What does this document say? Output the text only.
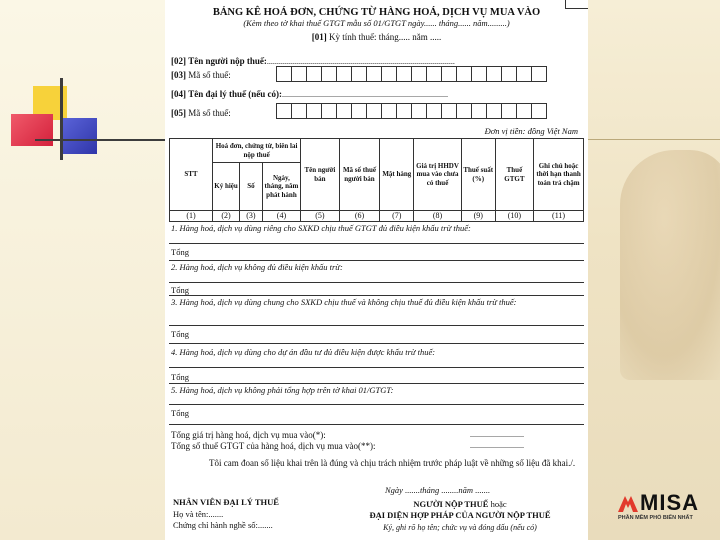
BẢNG KÊ HOÁ ĐƠN, CHỨNG TỪ HÀNG HOÁ, DỊCH VỤ MUA VÀO
(Kèm theo tờ khai thuế GTGT mẫu số 01/GTGT ngày...... tháng...... năm.........)
[01] Kỳ tính thuế: tháng..... năm .....
[02] Tên người nộp thuế:..............................................................................................
[03] Mã số thuế:
[04] Tên đại lý thuế (nếu có):...................................................................................
[05] Mã số thuế:
Đơn vị tiền: đồng Việt Nam
STT	Hoá đơn, chứng từ, biên lai nộp thuế			Tên người bán	Mã số thuế người bán	Mặt hàng	Giá trị HHDV mua vào chưa có thuế	Thuế suất (%)	Thuế GTGT	Ghi chú hoặc thời hạn thanh toán trả chậm
	Ký hiệu	Số	Ngày, tháng, năm phát hành							
(1)	(2)	(3)	(4)	(5)	(6)	(7)	(8)	(9)	(10)	(11)
1. Hàng hoá, dịch vụ dùng riêng cho SXKD chịu thuế GTGT đủ điều kiện khấu trừ thuế:
Tổng
2. Hàng hoá, dịch vụ không đủ điều kiện khấu trừ:
Tổng
3. Hàng hoá, dịch vụ dùng chung cho SXKD chịu thuế và không chịu thuế đủ điều kiện khấu trừ thuế:
Tổng
4. Hàng hoá, dịch vụ dùng cho dự án đầu tư đủ điều kiện được khấu trừ thuế:
Tổng
5. Hàng hoá, dịch vụ không phải tổng hợp trên tờ khai 01/GTGT:
Tổng
Tổng giá trị hàng hoá, dịch vụ mua vào(*):	...........................
Tổng số thuế GTGT của hàng hoá, dịch vụ mua vào(**):	...........................
Tôi cam đoan số liệu khai trên là đúng và chịu trách nhiệm trước pháp luật về những số liệu đã khai./.
Ngày .......tháng ........năm .......
NHÂN VIÊN ĐẠI LÝ THUẾ
Họ và tên:.......
Chứng chỉ hành nghề số:.......
NGƯỜI NỘP THUẾ hoặc
ĐẠI DIỆN HỢP PHÁP CỦA NGƯỜI NỘP THUẾ
Ký, ghi rõ họ tên; chức vụ và đóng dấu (nếu có)
MISA
PHẦN MỀM PHỔ BIẾN NHẤT
